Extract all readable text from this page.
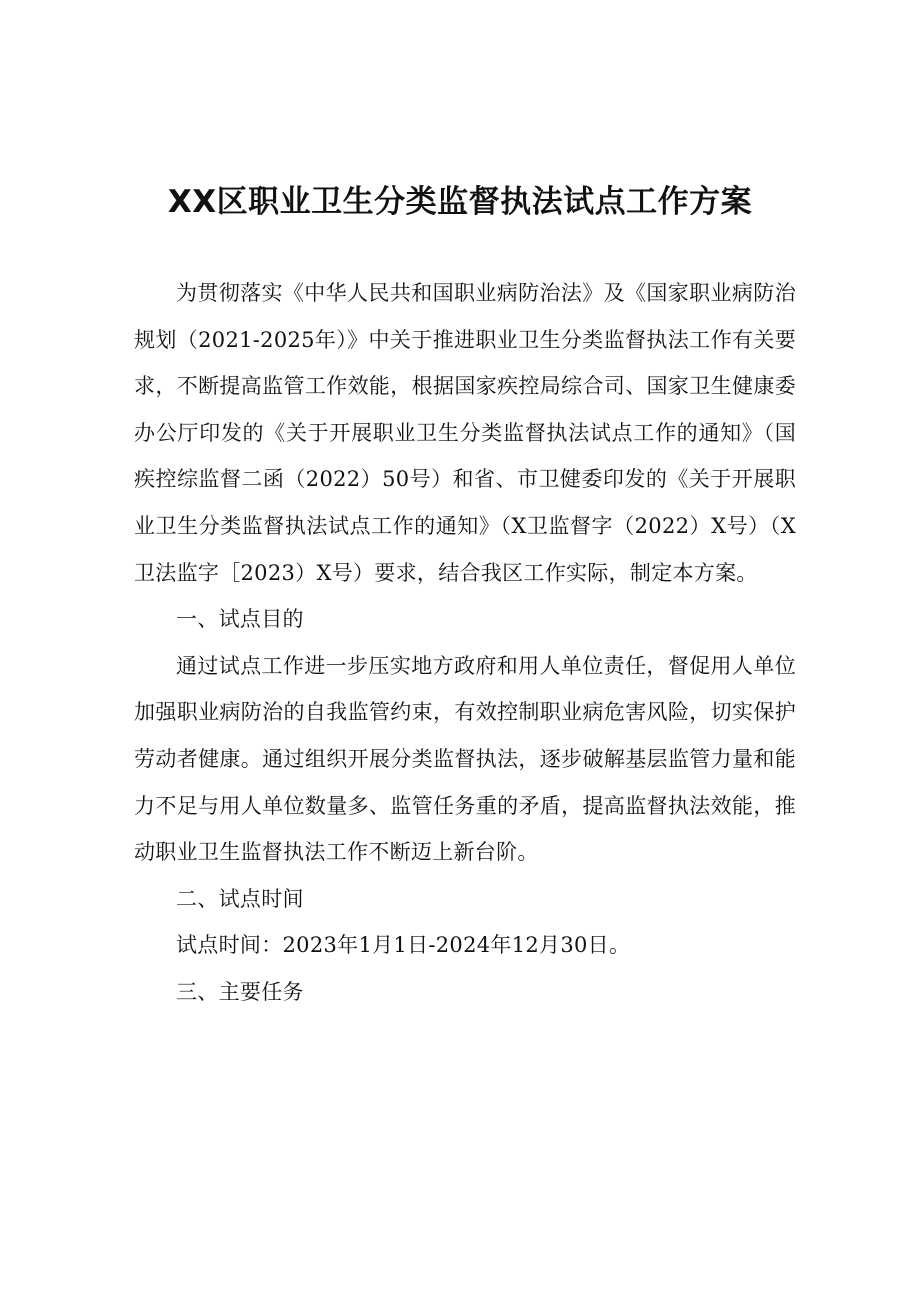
XX区职业卫生分类监督执法试点工作方案

为贯彻落实《中华人民共和国职业病防治法》及《国家职业病防治规划（2021-2025年）》中关于推进职业卫生分类监督执法工作有关要求，不断提高监管工作效能，根据国家疾控局综合司、国家卫生健康委办公厅印发的《关于开展职业卫生分类监督执法试点工作的通知》（国疾控综监督二函（2022）50号）和省、市卫健委印发的《关于开展职业卫生分类监督执法试点工作的通知》（X卫监督字（2022）X号）（X卫法监字［2023）X号）要求，结合我区工作实际，制定本方案。

一、试点目的

通过试点工作进一步压实地方政府和用人单位责任，督促用人单位加强职业病防治的自我监管约束，有效控制职业病危害风险，切实保护劳动者健康。通过组织开展分类监督执法，逐步破解基层监管力量和能力不足与用人单位数量多、监管任务重的矛盾，提高监督执法效能，推动职业卫生监督执法工作不断迈上新台阶。

二、试点时间

试点时间：2023年1月1日-2024年12月30日。

三、主要任务
